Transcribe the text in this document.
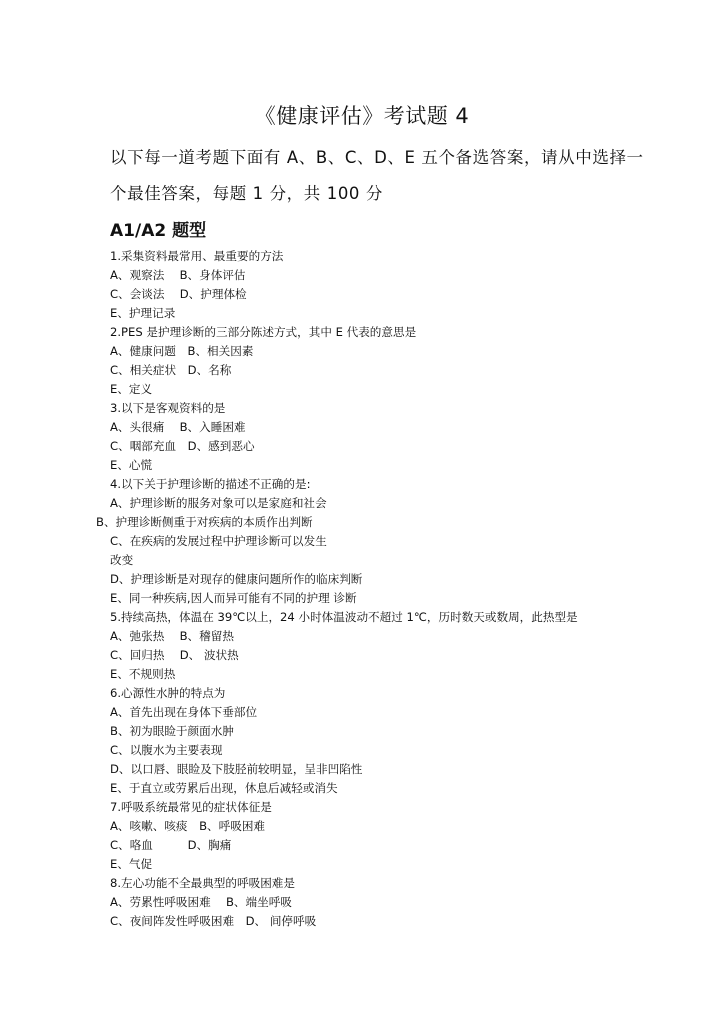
《健康评估》考试题 4
以下每一道考题下面有 A、B、C、D、E 五个备选答案，请从中选择一
个最佳答案，每题 1 分，共 100 分
A1/A2 题型
1.采集资料最常用、最重要的方法
A、观察法　 B、身体评估
C、会谈法　 D、护理体检
E、护理记录
2.PES 是护理诊断的三部分陈述方式，其中 E 代表的意思是
A、健康问题　B、相关因素
C、相关症状　D、名称
E、定义
3.以下是客观资料的是
A、头很痛　 B、入睡困难
C、咽部充血　D、感到恶心
E、心慌
4.以下关于护理诊断的描述不正确的是:
A、护理诊断的服务对象可以是家庭和社会
B、护理诊断侧重于对疾病的本质作出判断
C、在疾病的发展过程中护理诊断可以发生
改变
D、护理诊断是对现存的健康问题所作的临床判断
E、同一种疾病,因人而异可能有不同的护理 诊断
5.持续高热，体温在 39℃以上，24 小时体温波动不超过 1℃，历时数天或数周，此热型是
A、弛张热　 B、稽留热
C、回归热　 D、 波状热
E、不规则热
6.心源性水肿的特点为
A、首先出现在身体下垂部位
B、初为眼睑于颜面水肿
C、以腹水为主要表现
D、以口唇、眼睑及下肢胫前较明显，呈非凹陷性
E、于直立或劳累后出现，休息后减轻或消失
7.呼吸系统最常见的症状体征是
A、咳嗽、咳痰　B、呼吸困难
C、咯血　　　D、胸痛
E、气促
8.左心功能不全最典型的呼吸困难是
A、劳累性呼吸困难　 B、端坐呼吸
C、夜间阵发性呼吸困难　D、 间停呼吸
